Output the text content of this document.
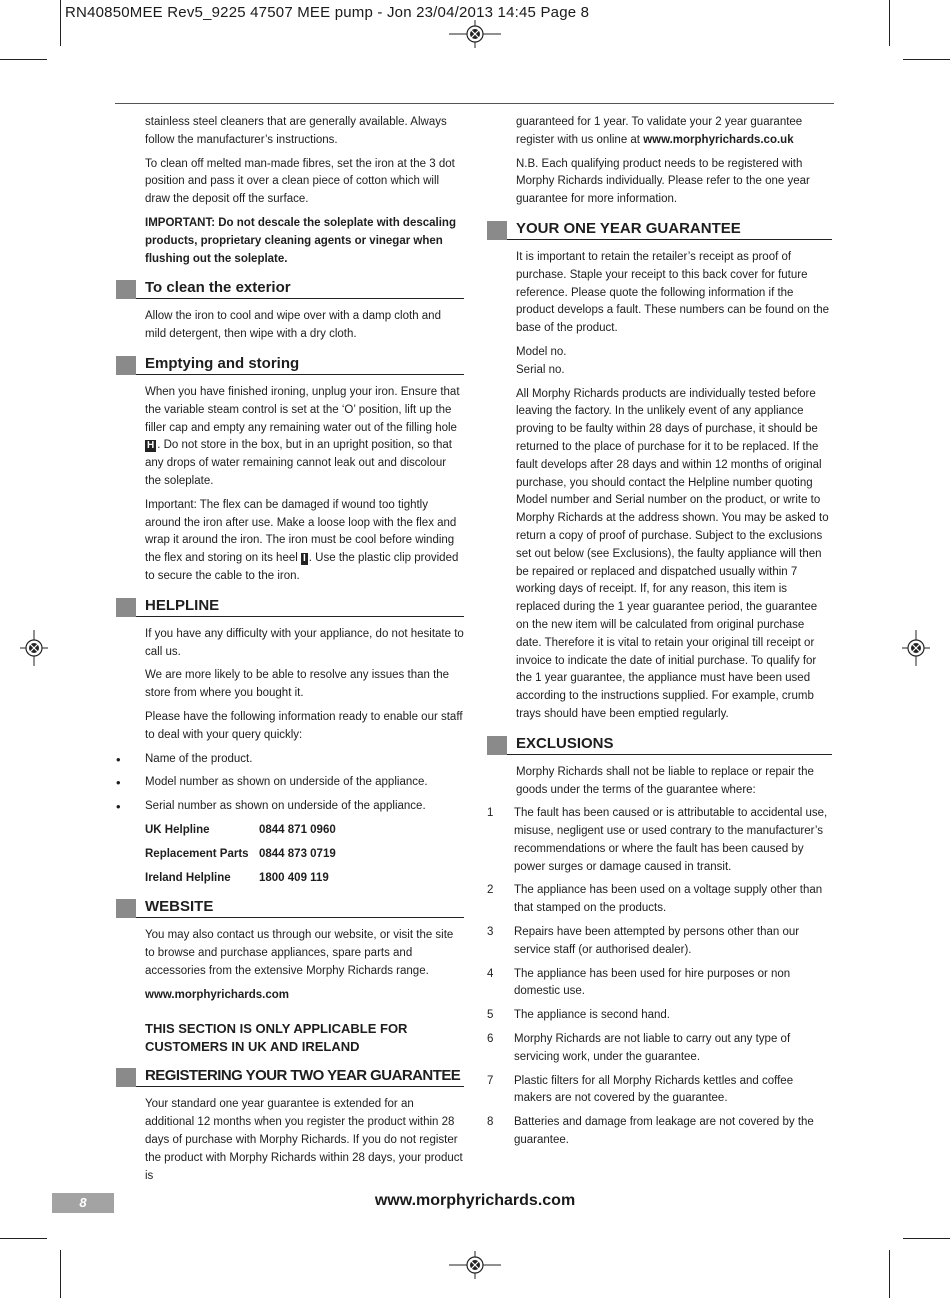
RN40850MEE Rev5_9225 47507 MEE pump - Jon 23/04/2013 14:45 Page 8

stainless steel cleaners that are generally available. Always follow the manufacturer’s instructions.

To clean off melted man-made fibres, set the iron at the 3 dot position and pass it over a clean piece of cotton which will draw the deposit off the surface.

IMPORTANT: Do not descale the soleplate with descaling products, proprietary cleaning agents or vinegar when flushing out the soleplate.

To clean the exterior

Allow the iron to cool and wipe over with a damp cloth and mild detergent, then wipe with a dry cloth.

Emptying and storing

When you have finished ironing, unplug your iron. Ensure that the variable steam control is set at the ‘O’ position, lift up the filler cap and empty any remaining water out of the filling hole H . Do not store in the box, but in an upright position, so that any drops of water remaining cannot leak out and discolour the soleplate.

Important: The flex can be damaged if wound too tightly around the iron after use. Make a loose loop with the flex and wrap it around the iron. The iron must be cool before winding the flex and storing on its heel I . Use the plastic clip provided to secure the cable to the iron.

HELPLINE

If you have any difficulty with your appliance, do not hesitate to call us.

We are more likely to be able to resolve any issues than the store from where you bought it.

Please have the following information ready to enable our staff to deal with your query quickly:

•	Name of the product.
•	Model number as shown on underside of the appliance.
•	Serial number as shown on underside of the appliance.
UK Helpline	0844 871 0960
Replacement Parts 0844 873 0719
Ireland Helpline	1800 409 119
WEBSITE

You may also contact us through our website, or visit the site to browse and purchase appliances, spare parts and accessories from the extensive Morphy Richards range.

www.morphyrichards.com

THIS SECTION IS ONLY APPLICABLE FOR CUSTOMERS IN UK AND IRELAND
REGISTERING YOUR TWO YEAR GUARANTEE

Your standard one year guarantee is extended for an additional 12 months when you register the product within 28 days of purchase with Morphy Richards. If you do not register the product with Morphy Richards within 28 days, your product is

guaranteed for 1 year. To validate your 2 year guarantee register with us online at www.morphyrichards.co.uk

N.B. Each qualifying product needs to be registered with Morphy Richards individually. Please refer to the one year guarantee for more information.

YOUR ONE YEAR GUARANTEE

It is important to retain the retailer’s receipt as proof of purchase. Staple your receipt to this back cover for future reference. Please quote the following information if the product develops a fault. These numbers can be found on the base of the product.

Model no.

Serial no.

All Morphy Richards products are individually tested before leaving the factory. In the unlikely event of any appliance proving to be faulty within 28 days of purchase, it should be returned to the place of purchase for it to be replaced. If the fault develops after 28 days and within 12 months of original purchase, you should contact the Helpline number quoting Model number and Serial number on the product, or write to Morphy Richards at the address shown. You may be asked to return a copy of proof of purchase. Subject to the exclusions set out below (see Exclusions), the faulty appliance will then be repaired or replaced and dispatched usually within 7 working days of receipt. If, for any reason, this item is replaced during the 1 year guarantee period, the guarantee on the new item will be calculated from original purchase date. Therefore it is vital to retain your original till receipt or invoice to indicate the date of initial purchase. To qualify for the 1 year guarantee, the appliance must have been used according to the instructions supplied. For example, crumb trays should have been emptied regularly.

EXCLUSIONS

Morphy Richards shall not be liable to replace or repair the goods under the terms of the guarantee where:

1	The fault has been caused or is attributable to accidental use, misuse, negligent use or used contrary to the manufacturer’s recommendations or where the fault has been caused by power surges or damage caused in transit.
2	The appliance has been used on a voltage supply other than that stamped on the products.
3	Repairs have been attempted by persons other than our service staff (or authorised dealer).
4	The appliance has been used for hire purposes or non domestic use.
5	The appliance is second hand.
6	Morphy Richards are not liable to carry out any type of servicing work, under the guarantee.
7	Plastic filters for all Morphy Richards kettles and coffee makers are not covered by the guarantee.
8	Batteries and damage from leakage are not covered by the guarantee.
8	www.morphyrichards.com
